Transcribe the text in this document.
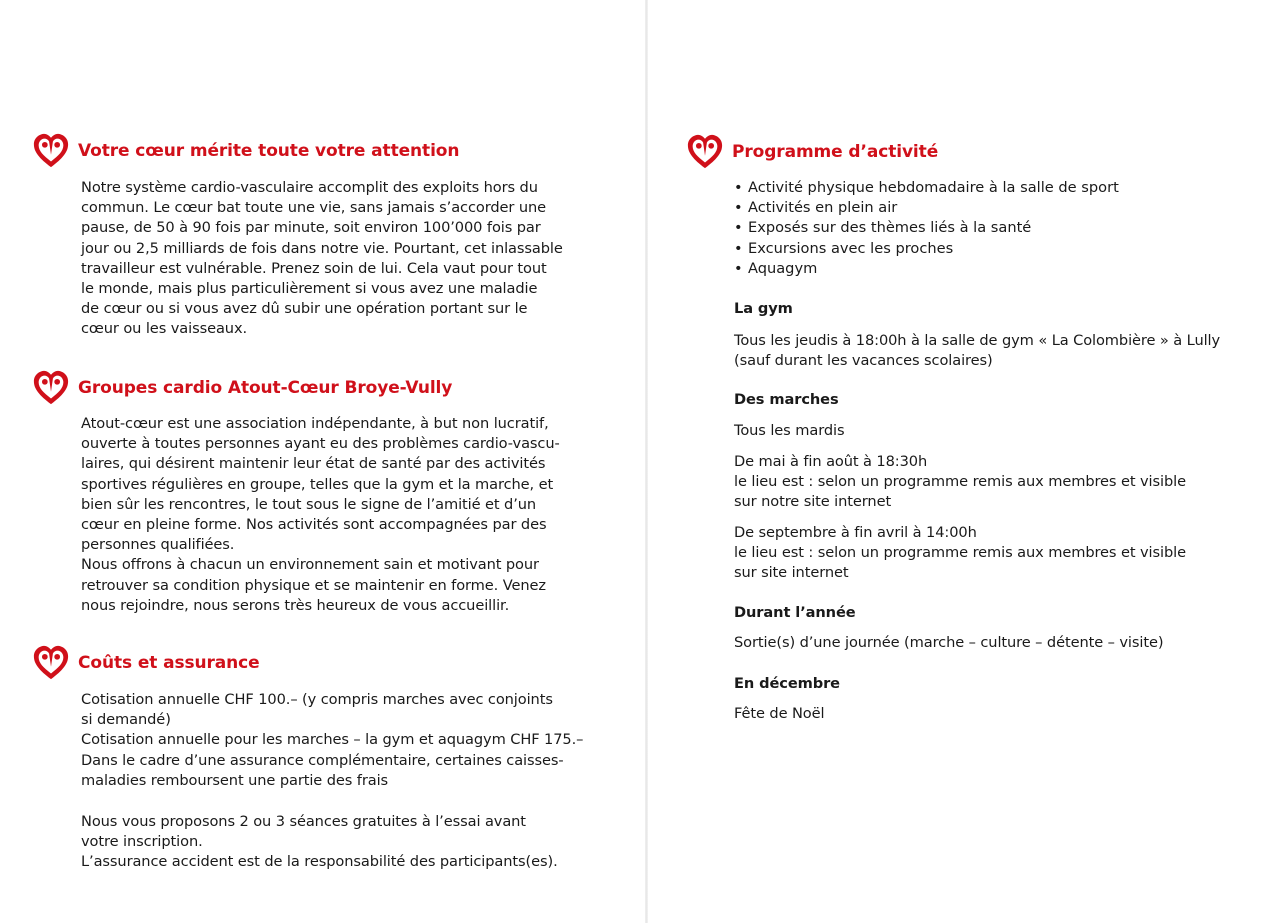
Votre cœur mérite toute votre attention
Notre système cardio-vasculaire accomplit des exploits hors du
commun. Le cœur bat toute une vie, sans jamais s’accorder une
pause, de 50 à 90 fois par minute, soit environ 100’000 fois par
jour ou 2,5 milliards de fois dans notre vie. Pourtant, cet inlassable
travailleur est vulnérable. Prenez soin de lui. Cela vaut pour tout
le monde, mais plus particulièrement si vous avez une maladie
de cœur ou si vous avez dû subir une opération portant sur le
cœur ou les vaisseaux.
Groupes cardio Atout-Cœur Broye-Vully
Atout-cœur est une association indépendante, à but non lucratif,
ouverte à toutes personnes ayant eu des problèmes cardio-vascu-
laires, qui désirent maintenir leur état de santé par des activités
sportives régulières en groupe, telles que la gym et la marche, et
bien sûr les rencontres, le tout sous le signe de l’amitié et d’un
cœur en pleine forme. Nos activités sont accompagnées par des
personnes qualifiées.
Nous offrons à chacun un environnement sain et motivant pour
retrouver sa condition physique et se maintenir en forme. Venez
nous rejoindre, nous serons très heureux de vous accueillir.
Coûts et assurance
Cotisation annuelle CHF 100.– (y compris marches avec conjoints
si demandé)
Cotisation annuelle pour les marches – la gym et aquagym CHF 175.–
Dans le cadre d’une assurance complémentaire, certaines caisses-
maladies remboursent une partie des frais
Nous vous proposons 2 ou 3 séances gratuites à l’essai avant
votre inscription.
L’assurance accident est de la responsabilité des participants(es).
Programme d’activité
• Activité physique hebdomadaire à la salle de sport
• Activités en plein air
• Exposés sur des thèmes liés à la santé
• Excursions avec les proches
• Aquagym
La gym
Tous les jeudis à 18:00h à la salle de gym « La Colombière » à Lully
(sauf durant les vacances scolaires)
Des marches
Tous les mardis
De mai à fin août à 18:30h
le lieu est : selon un programme remis aux membres et visible
sur notre site internet
De septembre à fin avril à 14:00h
le lieu est : selon un programme remis aux membres et visible
sur site internet
Durant l’année
Sortie(s) d’une journée (marche – culture – détente – visite)
En décembre
Fête de Noël
